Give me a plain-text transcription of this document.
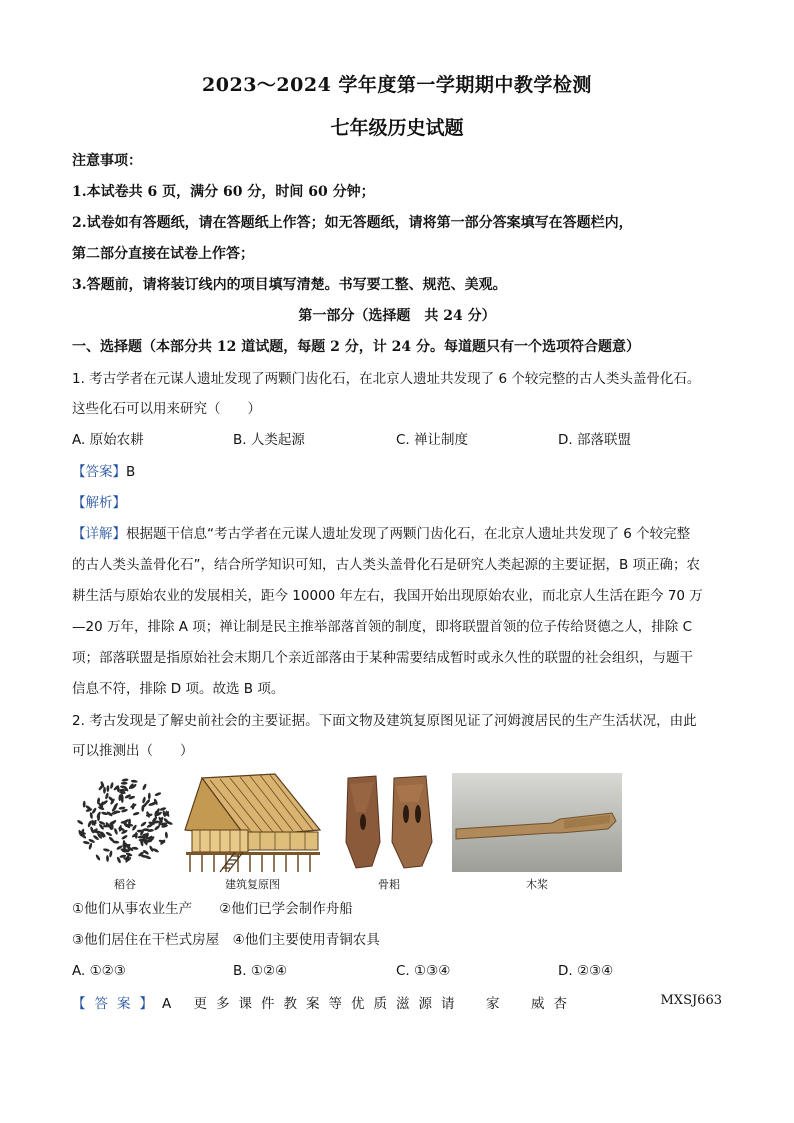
2023～2024 学年度第一学期期中教学检测
七年级历史试题
注意事项：
1.本试卷共 6 页，满分 60 分，时间 60 分钟；
2.试卷如有答题纸，请在答题纸上作答；如无答题纸，请将第一部分答案填写在答题栏内，
第二部分直接在试卷上作答；
3.答题前，请将装订线内的项目填写清楚。书写要工整、规范、美观。
第一部分（选择题　共 24 分）
一、选择题（本部分共 12 道试题，每题 2 分，计 24 分。每道题只有一个选项符合题意）
1. 考古学者在元谋人遗址发现了两颗门齿化石，在北京人遗址共发现了 6 个较完整的古人类头盖骨化石。
这些化石可以用来研究（　　）
A. 原始农耕	B. 人类起源	C. 禅让制度	D. 部落联盟
【答案】B
【解析】
【详解】根据题干信息“考古学者在元谋人遗址发现了两颗门齿化石，在北京人遗址共发现了 6 个较完整
的古人类头盖骨化石”，结合所学知识可知，古人类头盖骨化石是研究人类起源的主要证据，B 项正确；农
耕生活与原始农业的发展相关，距今 10000 年左右，我国开始出现原始农业，而北京人生活在距今 70 万
—20 万年，排除 A 项；禅让制是民主推举部落首领的制度，即将联盟首领的位子传给贤德之人，排除 C
项；部落联盟是指原始社会末期几个亲近部落由于某种需要结成暂时或永久性的联盟的社会组织，与题干
信息不符，排除 D 项。故选 B 项。
2. 考古发现是了解史前社会的主要证据。下面文物及建筑复原图见证了河姆渡居民的生产生活状况，由此
可以推测出（　　）
稻谷	建筑复原图	骨耜	木桨
①他们从事农业生产　　②他们已学会制作舟船
③他们居住在干栏式房屋　④他们主要使用青铜农具
A. ①②③	B. ①②④	C. ①③④	D. ②③④
【答案】A 更多课件教案等优质滋源请　家　威杏	MXSJ663
